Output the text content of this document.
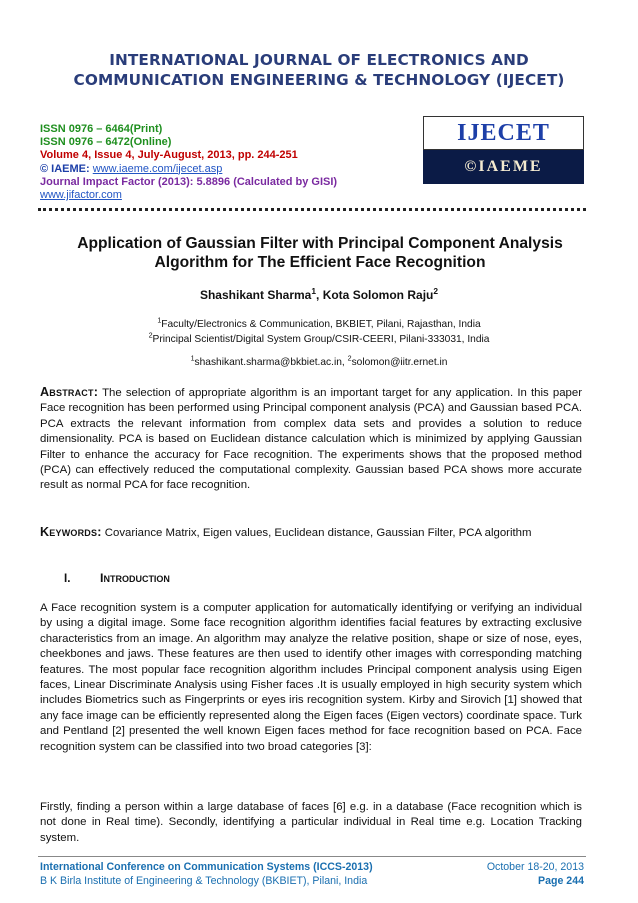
INTERNATIONAL JOURNAL OF ELECTRONICS AND
COMMUNICATION ENGINEERING & TECHNOLOGY (IJECET)
ISSN 0976 – 6464(Print)
ISSN 0976 – 6472(Online)
Volume 4, Issue 4, July-August, 2013, pp. 244-251
© IAEME: www.iaeme.com/ijecet.asp
Journal Impact Factor (2013): 5.8896 (Calculated by GISI)
www.jifactor.com
IJECET
©IAEME
Application of Gaussian Filter with Principal Component Analysis
Algorithm for The Efficient Face Recognition
Shashikant Sharma$^1$, Kota Solomon Raju$^2$
$^1$Faculty/Electronics & Communication, BKBIET, Pilani, Rajasthan, India
$^2$Principal Scientist/Digital System Group/CSIR-CEERI, Pilani-333031, India
$^1$shashikant.sharma@bkbiet.ac.in, $^2$solomon@iitr.ernet.in
Abstract: The selection of appropriate algorithm is an important target for any application. In this paper Face recognition has been performed using Principal component analysis (PCA) and Gaussian based PCA. PCA extracts the relevant information from complex data sets and provides a solution to reduce dimensionality. PCA is based on Euclidean distance calculation which is minimized by applying Gaussian Filter to enhance the accuracy for Face recognition. The experiments shows that the proposed method (PCA) can effectively reduced the computational complexity. Gaussian based PCA shows more accurate result as normal PCA for face recognition.
Keywords: Covariance Matrix, Eigen values, Euclidean distance, Gaussian Filter, PCA algorithm
I. Introduction
A Face recognition system is a computer application for automatically identifying or verifying an individual by using a digital image. Some face recognition algorithm identifies facial features by extracting exclusive characteristics from an image. An algorithm may analyze the relative position, shape or size of nose, eyes, cheekbones and jaws. These features are then used to identify other images with corresponding matching features. The most popular face recognition algorithm includes Principal component analysis using Eigen faces, Linear Discriminate Analysis using Fisher faces .It is usually employed in high security system which includes Biometrics such as Fingerprints or eyes iris recognition system. Kirby and Sirovich [1] showed that any face image can be efficiently represented along the Eigen faces (Eigen vectors) coordinate space. Turk and Pentland [2] presented the well known Eigen faces method for face recognition based on PCA. Face recognition system can be classified into two broad categories [3]:
Firstly, finding a person within a large database of faces [6] e.g. in a database (Face recognition which is not done in Real time). Secondly, identifying a particular individual in Real time e.g. Location Tracking system.
International Conference on Communication Systems (ICCS-2013)	October 18-20, 2013
B K Birla Institute of Engineering & Technology (BKBIET), Pilani, India	Page 244
